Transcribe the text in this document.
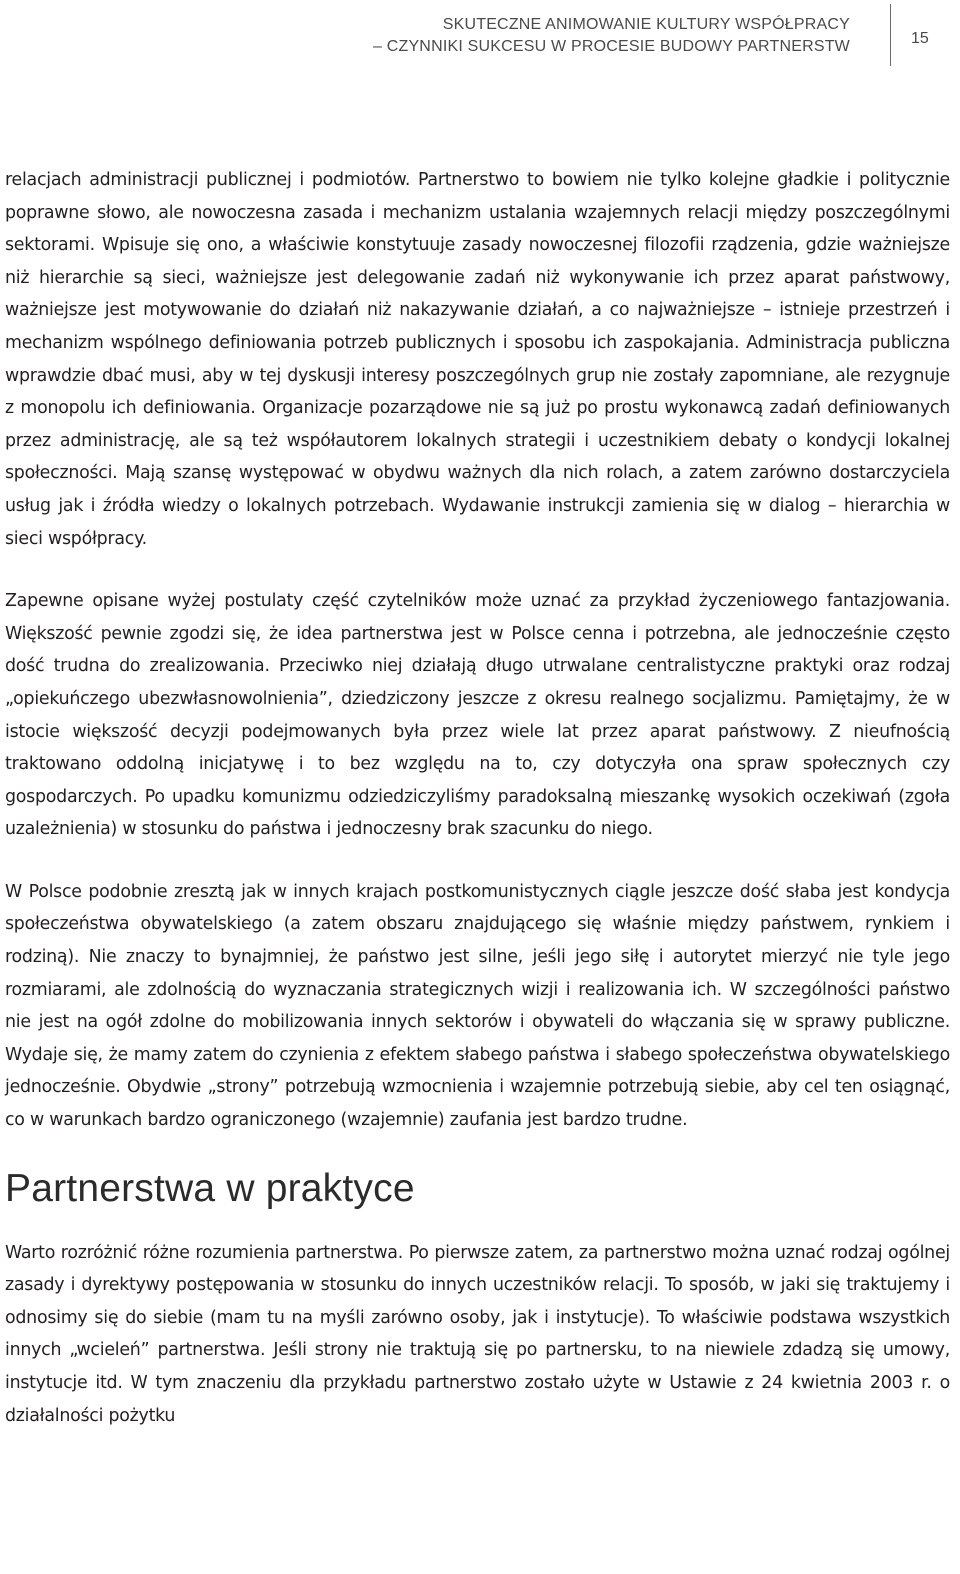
SKUTECZNE ANIMOWANIE KULTURY WSPÓŁPRACY
– CZYNNIKI SUKCESU W PROCESIE BUDOWY PARTNERSTW	15

relacjach administracji publicznej i podmiotów. Partnerstwo to bowiem nie tylko kolejne gładkie i politycznie poprawne słowo, ale nowoczesna zasada i mechanizm ustalania wzajemnych relacji między poszczególnymi sektorami. Wpisuje się ono, a właściwie konstytuuje zasady nowoczesnej filozofii rządzenia, gdzie ważniejsze niż hierarchie są sieci, ważniejsze jest delegowanie zadań niż wykonywanie ich przez aparat państwowy, ważniejsze jest motywowanie do działań niż nakazywanie działań, a co najważniejsze – istnieje przestrzeń i mechanizm wspólnego definiowania potrzeb publicznych i sposobu ich zaspokajania. Administracja publiczna wprawdzie dbać musi, aby w tej dyskusji interesy poszczególnych grup nie zostały zapomniane, ale rezygnuje z monopolu ich definiowania. Organizacje pozarządowe nie są już po prostu wykonawcą zadań definiowanych przez administrację, ale są też współautorem lokalnych strategii i uczestnikiem debaty o kondycji lokalnej społeczności. Mają szansę występować w obydwu ważnych dla nich rolach, a zatem zarówno dostarczyciela usług jak i źródła wiedzy o lokalnych potrzebach. Wydawanie instrukcji zamienia się w dialog – hierarchia w sieci współpracy.

Zapewne opisane wyżej postulaty część czytelników może uznać za przykład życzeniowego fantazjowania. Większość pewnie zgodzi się, że idea partnerstwa jest w Polsce cenna i potrzebna, ale jednocześnie często dość trudna do zrealizowania. Przeciwko niej działają długo utrwalane centralistyczne praktyki oraz rodzaj „opiekuńczego ubezwłasnowolnienia”, dziedziczony jeszcze z okresu realnego socjalizmu. Pamiętajmy, że w istocie większość decyzji podejmowanych była przez wiele lat przez aparat państwowy. Z nieufnością traktowano oddolną inicjatywę i to bez względu na to, czy dotyczyła ona spraw społecznych czy gospodarczych. Po upadku komunizmu odziedziczyliśmy paradoksalną mieszankę wysokich oczekiwań (zgoła uzależnienia) w stosunku do państwa i jednoczesny brak szacunku do niego.

W Polsce podobnie zresztą jak w innych krajach postkomunistycznych ciągle jeszcze dość słaba jest kondycja społeczeństwa obywatelskiego (a zatem obszaru znajdującego się właśnie między państwem, rynkiem i rodziną). Nie znaczy to bynajmniej, że państwo jest silne, jeśli jego siłę i autorytet mierzyć nie tyle jego rozmiarami, ale zdolnością do wyznaczania strategicznych wizji i realizowania ich. W szczególności państwo nie jest na ogół zdolne do mobilizowania innych sektorów i obywateli do włączania się w sprawy publiczne. Wydaje się, że mamy zatem do czynienia z efektem słabego państwa i słabego społeczeństwa obywatelskiego jednocześnie. Obydwie „strony” potrzebują wzmocnienia i wzajemnie potrzebują siebie, aby cel ten osiągnąć, co w warunkach bardzo ograniczonego (wzajemnie) zaufania jest bardzo trudne.

Partnerstwa w praktyce

Warto rozróżnić różne rozumienia partnerstwa. Po pierwsze zatem, za partnerstwo można uznać rodzaj ogólnej zasady i dyrektywy postępowania w stosunku do innych uczestników relacji. To sposób, w jaki się traktujemy i odnosimy się do siebie (mam tu na myśli zarówno osoby, jak i instytucje). To właściwie podstawa wszystkich innych „wcieleń” partnerstwa. Jeśli strony nie traktują się po partnersku, to na niewiele zdadzą się umowy, instytucje itd. W tym znaczeniu dla przykładu partnerstwo zostało użyte w Ustawie z 24 kwietnia 2003 r. o działalności pożytku
